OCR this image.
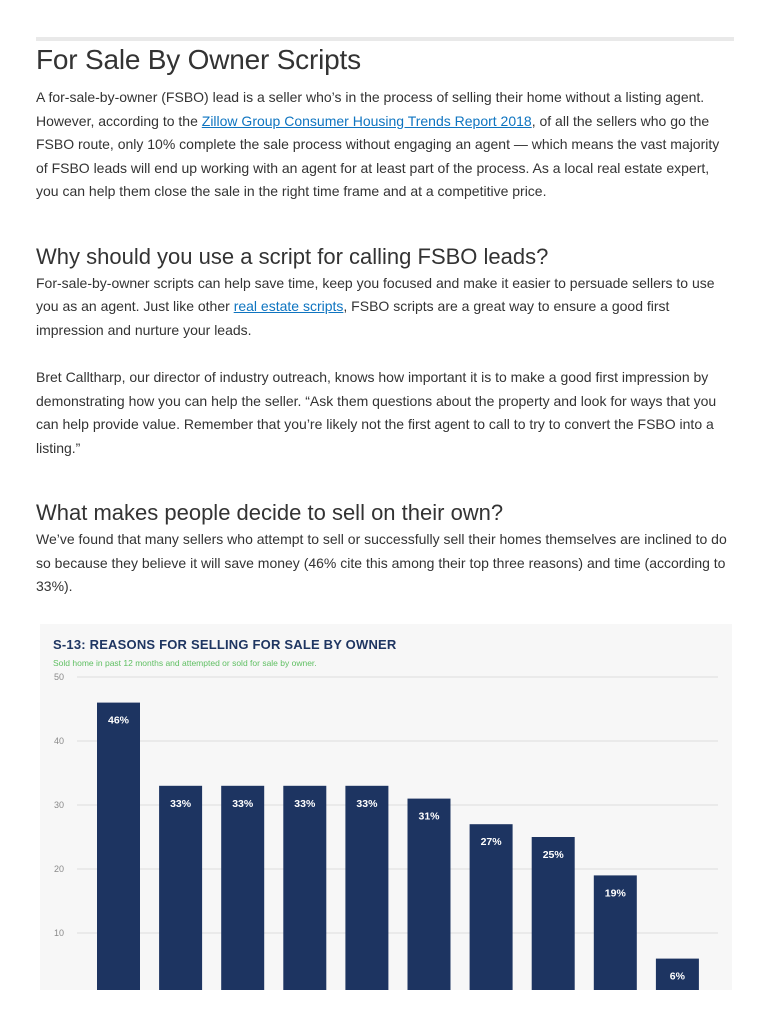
For Sale By Owner Scripts

A for-sale-by-owner (FSBO) lead is a seller who’s in the process of selling their home without a listing agent. However, according to the Zillow Group Consumer Housing Trends Report 2018, of all the sellers who go the FSBO route, only 10% complete the sale process without engaging an agent — which means the vast majority of FSBO leads will end up working with an agent for at least part of the process. As a local real estate expert, you can help them close the sale in the right time frame and at a competitive price.

Why should you use a script for calling FSBO leads?

For-sale-by-owner scripts can help save time, keep you focused and make it easier to persuade sellers to use you as an agent. Just like other real estate scripts, FSBO scripts are a great way to ensure a good first impression and nurture your leads.

Bret Calltharp, our director of industry outreach, knows how important it is to make a good first impression by demonstrating how you can help the seller. “Ask them questions about the property and look for ways that you can help provide value. Remember that you’re likely not the first agent to call to try to convert the FSBO into a listing.”

What makes people decide to sell on their own?

We’ve found that many sellers who attempt to sell or successfully sell their homes themselves are inclined to do so because they believe it will save money (46% cite this among their top three reasons) and time (according to 33%).

10
20
30
40
50
46%
33%	33%	33%	33%
31%
27%
25%
19%
6%

S-13: REASONS FOR SELLING FOR SALE BY OWNER

Sold home in past 12 months and attempted or sold for sale by owner.
